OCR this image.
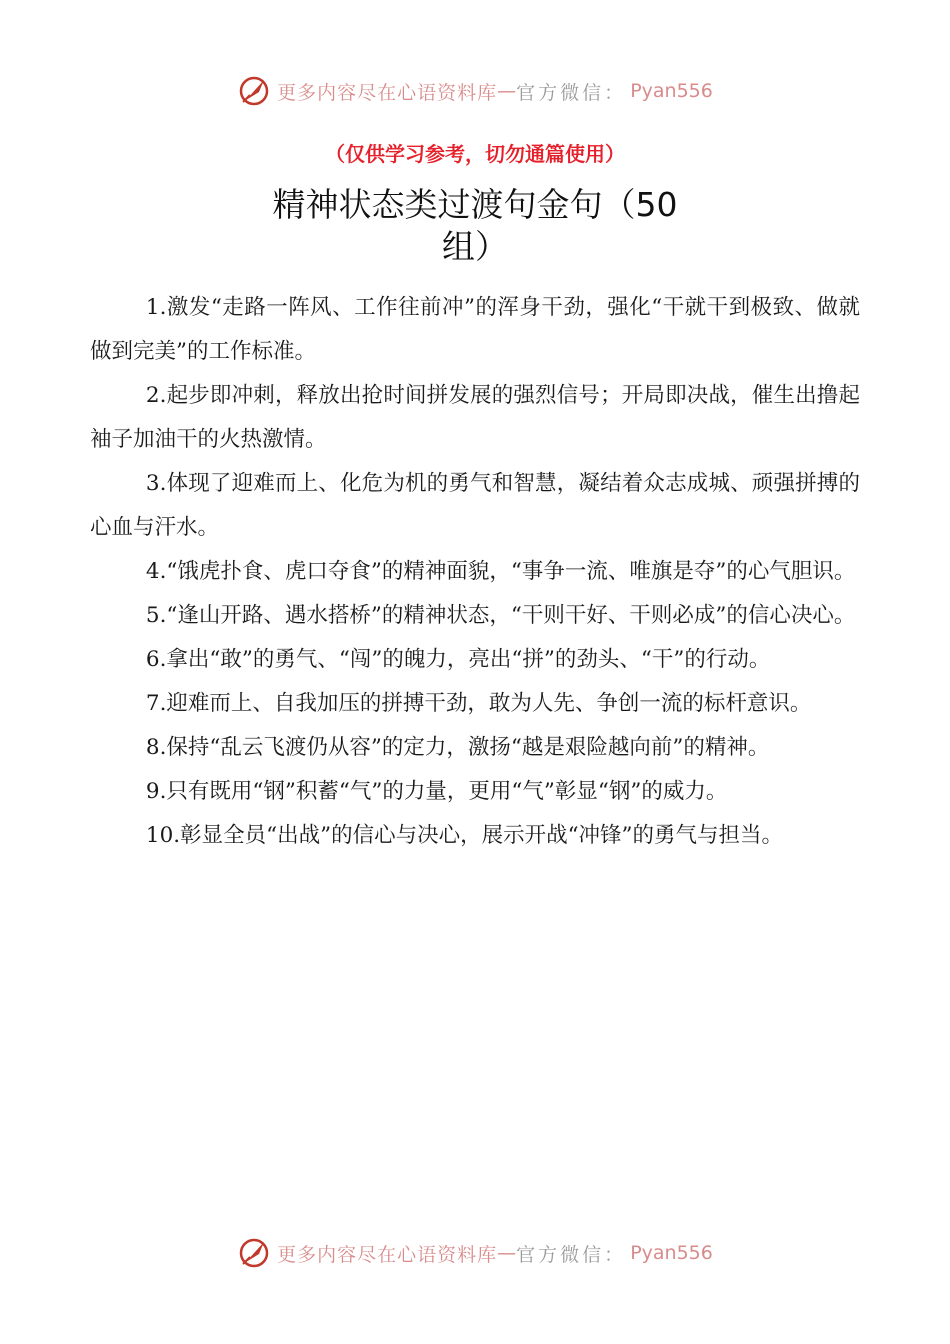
更多内容尽在心语资料库 — 官方微信： Pyan556
（仅供学习参考，切勿通篇使用）
精神状态类过渡句金句（50组）

1.激发“走路一阵风、工作往前冲”的浑身干劲，强化“干就干到极致、做就做到完美”的工作标准。

2.起步即冲刺，释放出抢时间拼发展的强烈信号；开局即决战，催生出撸起袖子加油干的火热激情。

3.体现了迎难而上、化危为机的勇气和智慧，凝结着众志成城、顽强拼搏的心血与汗水。

4.“饿虎扑食、虎口夺食”的精神面貌，“事争一流、唯旗是夺”的心气胆识。

5.“逢山开路、遇水搭桥”的精神状态，“干则干好、干则必成”的信心决心。

6.拿出“敢”的勇气、“闯”的魄力，亮出“拼”的劲头、“干”的行动。

7.迎难而上、自我加压的拼搏干劲，敢为人先、争创一流的标杆意识。

8.保持“乱云飞渡仍从容”的定力，激扬“越是艰险越向前”的精神。

9.只有既用“钢”积蓄“气”的力量，更用“气”彰显“钢”的威力。

10.彰显全员“出战”的信心与决心，展示开战“冲锋”的勇气与担当。

更多内容尽在心语资料库 — 官方微信： Pyan556
